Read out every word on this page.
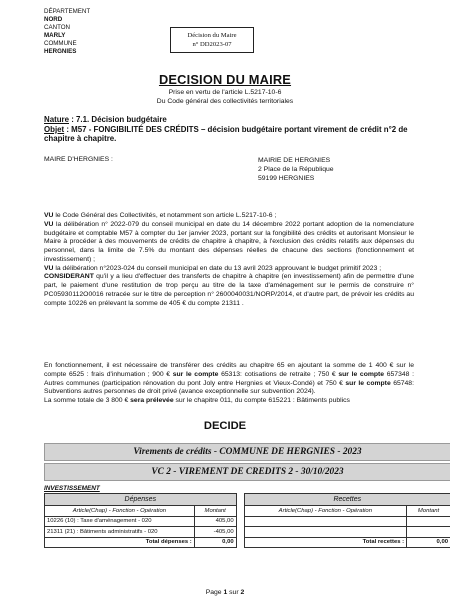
DÉPARTEMENT
NORD
CANTON
MARLY
COMMUNE
HERGNIES
Décision du Maire
n° DD2023-07
DECISION DU MAIRE
Prise en vertu de l'article L.5217-10-6
Du Code général des collectivités territoriales
Nature : 7.1. Décision budgétaire
Objet : M57 - FONGIBILITÉ DES CRÉDITS – décision budgétaire portant virement de crédit n°2 de chapitre à chapitre.
MAIRE D'HERGNIES :	MAIRIE DE HERGNIES
2 Place de la République
59199 HERGNIES

VU le Code Général des Collectivités, et notamment son article L.5217-10-6 ;

VU la délibération n° 2022-079 du conseil municipal en date du 14 décembre 2022 portant adoption de la nomenclature budgétaire et comptable M57 à compter du 1er janvier 2023, portant sur la fongibilité des crédits et autorisant Monsieur le Maire à procéder à des mouvements de crédits de chapitre à chapitre, à l'exclusion des crédits relatifs aux dépenses du personnel, dans la limite de 7.5% du montant des dépenses réelles de chacune des sections (fonctionnement et investissement) ;

VU la délibération n°2023-024 du conseil municipal en date du 13 avril 2023 approuvant le budget primitif 2023 ;

CONSIDERANT qu'il y a lieu d'effectuer des transferts de chapitre à chapitre (en investissement) afin de permettre d'une part, le paiement d'une restitution de trop perçu au titre de la taxe d'aménagement sur le permis de construire n° PC05930112O0016 retracée sur le titre de perception n° 2600040031/NORP/2014, et d'autre part, de prévoir les crédits au compte 10226 en prélevant la somme de 405 € du compte 21311 .

En fonctionnement, il est nécessaire de transférer des crédits au chapitre 65 en ajoutant la somme de 1 400 € sur le compte 6525 : frais d'inhumation ; 900 € sur le compte 65313: cotisations de retraite ; 750 € sur le compte 657348 : Autres communes (participation rénovation du pont Joly entre Hergnies et Vieux-Condé) et 750 € sur le compte 65748: Subventions autres personnes de droit privé (avance exceptionnelle sur subvention 2024).

La somme totale de 3 800 € sera prélevée sur le chapitre 011, du compte 615221 : Bâtiments publics

DECIDE
Virements de crédits - COMMUNE DE HERGNIES - 2023
VC 2 - VIREMENT DE CREDITS 2 - 30/10/2023
INVESTISSEMENT
Dépenses			Recettes	
Article(Chap) - Fonction - Opération	Montant		Article(Chap) - Fonction - Opération	Montant
10226 (10) : Taxe d'aménagement - 020	405,00			
21311 (21) : Bâtiments administratifs - 020	-405,00			
Total dépenses :	0,00		Total recettes :	0,00
Page 1 sur 2
